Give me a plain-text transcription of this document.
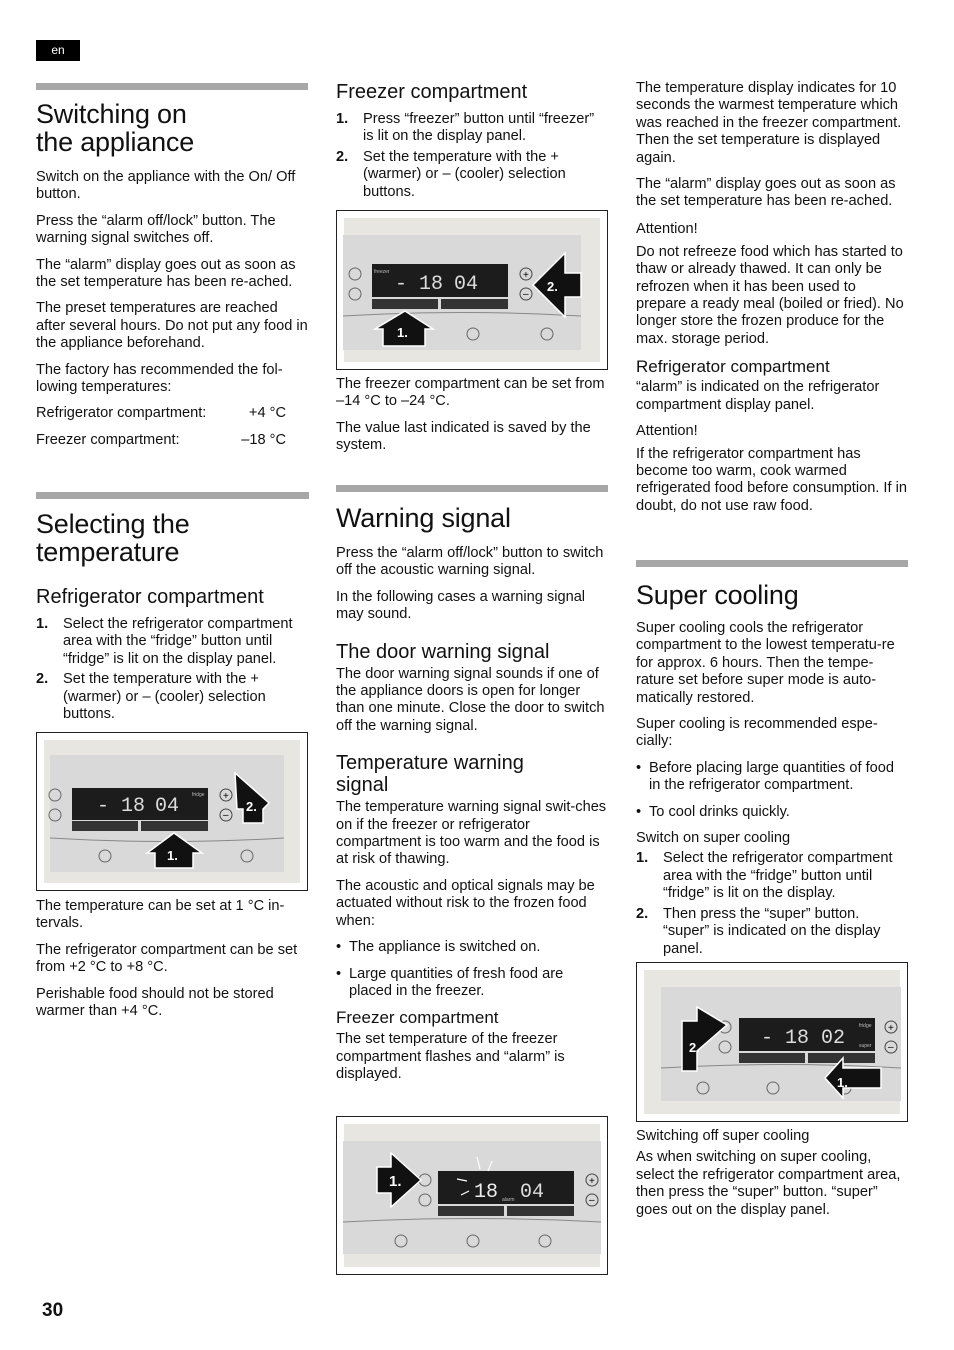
en
Switching on
the appliance

Switch on the appliance with the On/ Off button.

Press the “alarm off/lock” button. The warning signal switches off.

The “alarm” display goes out as soon as the set temperature has been re-ached.

The preset temperatures are reached after several hours. Do not put any food in the appliance beforehand.

The factory has recommended the fol-lowing temperatures:

Refrigerator compartment:	+4 °C
Freezer compartment:	–18 °C
Selecting the
temperature
Refrigerator compartment
1. Select the refrigerator compartment area with the “fridge” button until “fridge” is lit on the display panel.
2. Set the temperature with the + (warmer) or – (cooler) selection buttons.
- 18 04	fridge +
–
2.
1.

The temperature can be set at 1 °C in-tervals.

The refrigerator compartment can be set from +2 °C to +8 °C.

Perishable food should not be stored warmer than +4 °C.

Freezer compartment
1. Press “freezer” button until “freezer” is lit on the display panel.
2. Set the temperature with the + (warmer) or – (cooler) selection buttons.
freezer
- 18 04	+
–
2.
1.

The freezer compartment can be set from –14 °C to –24 °C.

The value last indicated is saved by the system.

Warning signal

Press the “alarm off/lock” button to switch off the acoustic warning signal.

In the following cases a warning signal may sound.

The door warning signal

The door warning signal sounds if one of the appliance doors is open for longer than one minute. Close the door to switch off the warning signal.

Temperature warning
signal

The temperature warning signal swit-ches on if the freezer or refrigerator compartment is too warm and the food is at risk of thawing.

The acoustic and optical signals may be actuated without risk to the frozen food when:

• The appliance is switched on.
• Large quantities of fresh food are placed in the freezer.
Freezer compartment

The set temperature of the freezer compartment flashes and “alarm” is displayed.

18 04
alarm
+
–
1.

The temperature display indicates for 10 seconds the warmest temperature which was reached in the freezer compartment. Then the set temperature is displayed again.

The “alarm” display goes out as soon as the set temperature has been re-ached.

Attention!

Do not refreeze food which has started to thaw or already thawed. It can only be refrozen when it has been used to prepare a ready meal (boiled or fried). No longer store the frozen produce for the max. storage period.

Refrigerator compartment

“alarm” is indicated on the refrigerator compartment display panel.

Attention!

If the refrigerator compartment has become too warm, cook warmed refrigerated food before consumption. If in doubt, do not use raw food.

Super cooling

Super cooling cools the refrigerator compartment to the lowest temperatu-re for approx. 6 hours. Then the tempe-rature set before super mode is auto-matically restored.

Super cooling is recommended espe-cially:

• Before placing large quantities of food in the refrigerator compartment.
• To cool drinks quickly.

Switch on super cooling

1. Select the refrigerator compartment area with the “fridge” button until “fridge” is lit on the display.
2. Then press the “super” button. “super” is indicated on the display panel.
- 18 02
fridge
super
+
–
2.
1.

Switching off super cooling

As when switching on super cooling, select the refrigerator compartment area, then press the “super” button. “super” goes out on the display panel.

30
